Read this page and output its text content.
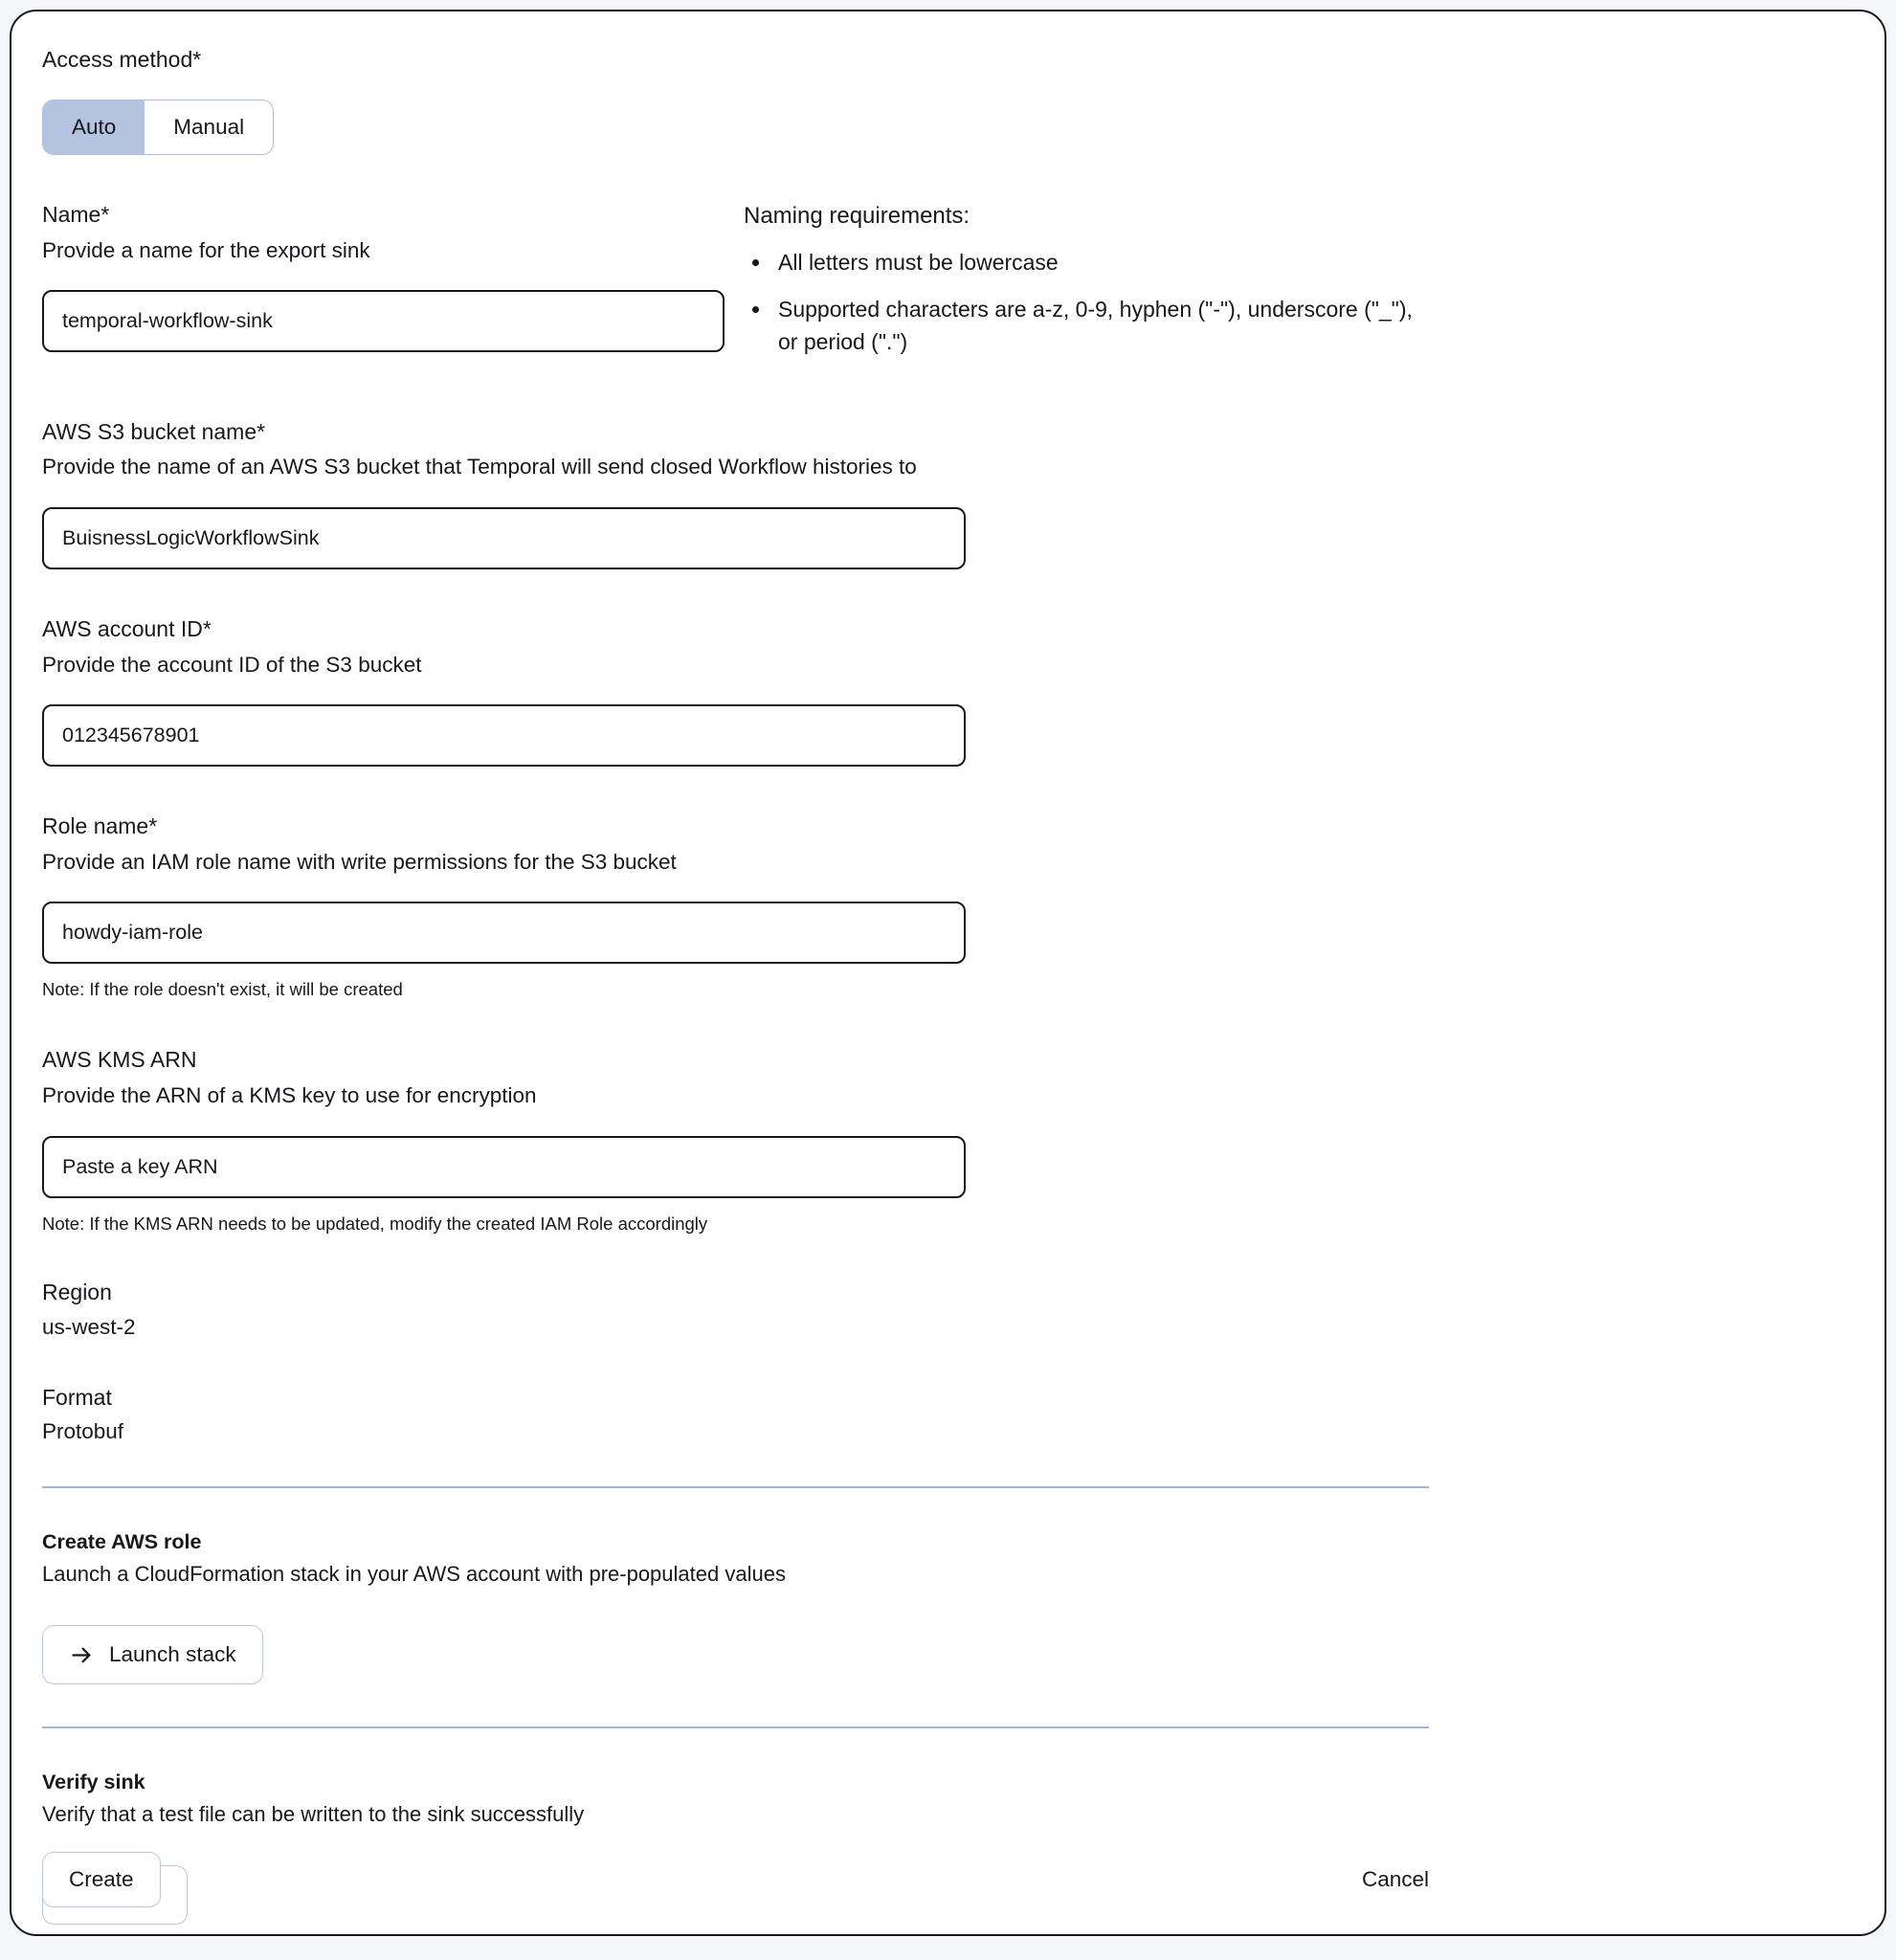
Access method*
Auto	Manual
Name*
Provide a name for the export sink
temporal-workflow-sink
Naming requirements:
• All letters must be lowercase
• Supported characters are a-z, 0-9, hyphen ("-"), underscore ("_"), or period (".")
AWS S3 bucket name*
Provide the name of an AWS S3 bucket that Temporal will send closed Workflow histories to
BuisnessLogicWorkflowSink
AWS account ID*
Provide the account ID of the S3 bucket
012345678901
Role name*
Provide an IAM role name with write permissions for the S3 bucket
howdy-iam-role
Note: If the role doesn't exist, it will be created
AWS KMS ARN
Provide the ARN of a KMS key to use for encryption
Paste a key ARN
Note: If the KMS ARN needs to be updated, modify the created IAM Role accordingly
Region
us-west-2
Format
Protobuf
Create AWS role
Launch a CloudFormation stack in your AWS account with pre-populated values
Launch stack
Verify sink
Verify that a test file can be written to the sink successfully
Create	Cancel
